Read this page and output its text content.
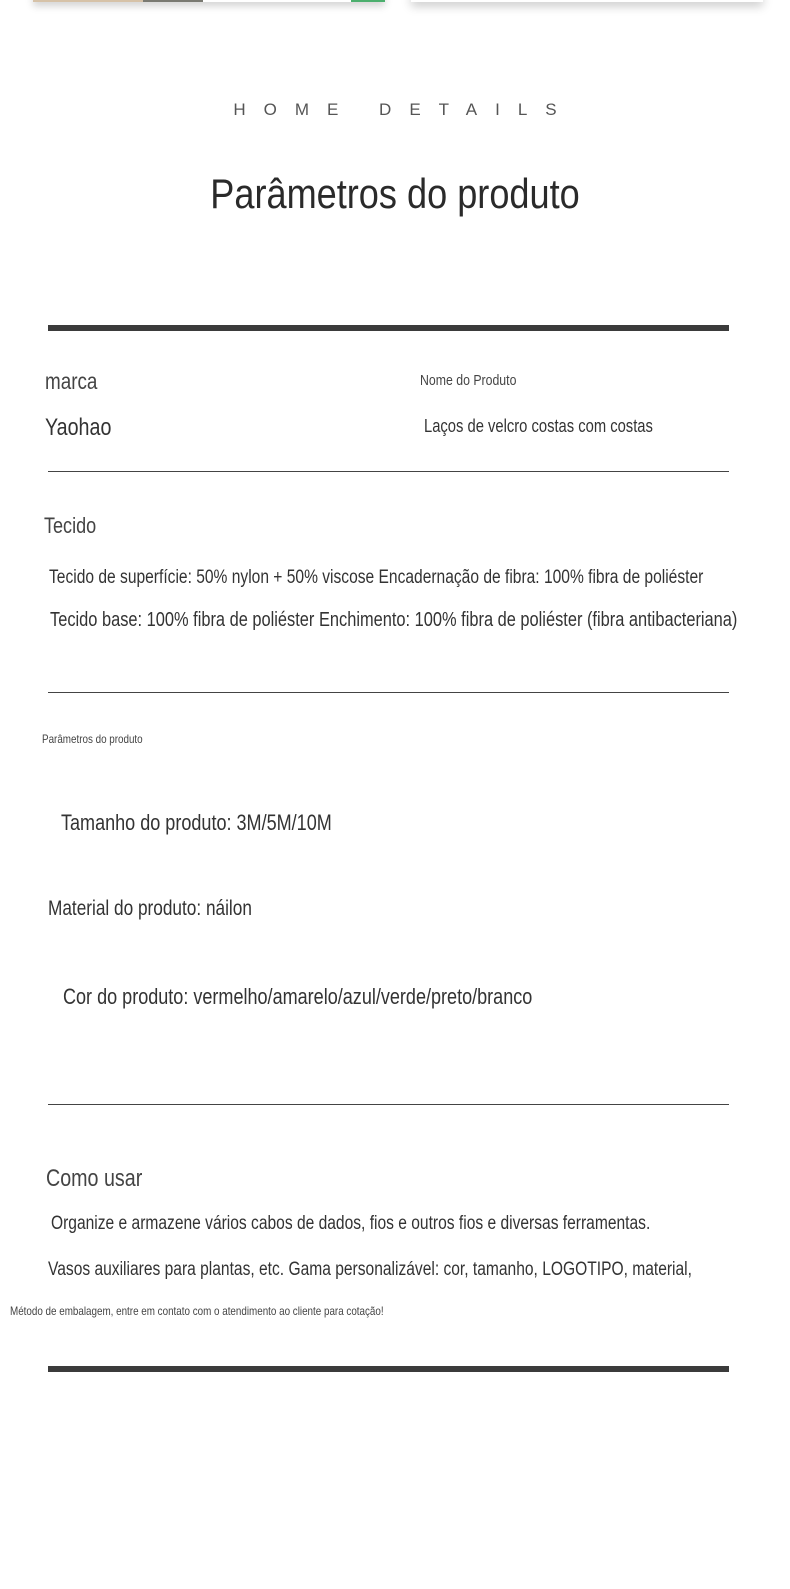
HOME DETAILS
Parâmetros do produto
marca
Yaohao
Nome do Produto
Laços de velcro costas com costas
Tecido
Tecido de superfície: 50% nylon + 50% viscose Encadernação de fibra: 100% fibra de poliéster
Tecido base: 100% fibra de poliéster Enchimento: 100% fibra de poliéster (fibra antibacteriana)
Parâmetros do produto
Tamanho do produto: 3M/5M/10M
Material do produto: náilon
Cor do produto: vermelho/amarelo/azul/verde/preto/branco
Como usar
Organize e armazene vários cabos de dados, fios e outros fios e diversas ferramentas.
Vasos auxiliares para plantas, etc. Gama personalizável: cor, tamanho, LOGOTIPO, material,
Método de embalagem, entre em contato com o atendimento ao cliente para cotação!
